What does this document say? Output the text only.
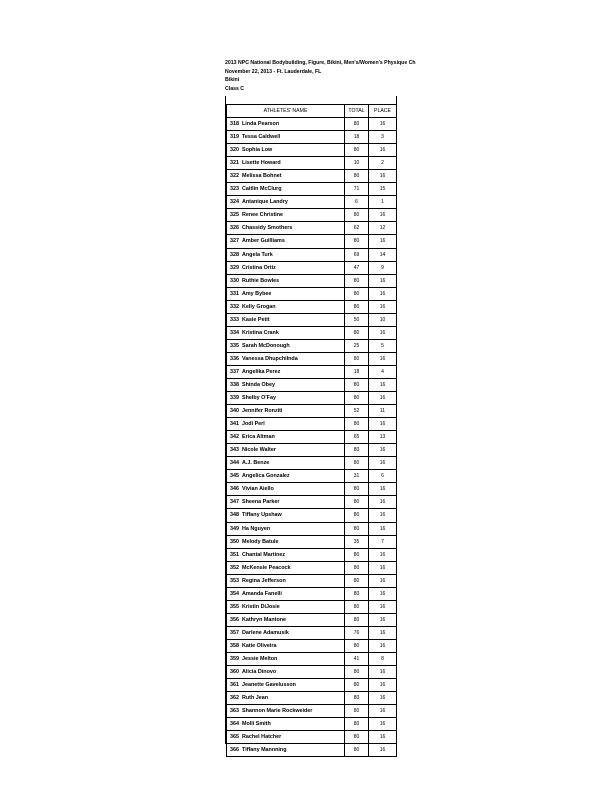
2013 NPC National Bodybuilding, Figure, Bikini, Men's/Women's Physique Ch
November 22, 2013 - Ft. Lauderdale, FL
Bikini
Class C
ATHLETES' NAME	TOTAL	PLACE
318 Linda Pearson	80	16
319 Tessa Caldwell	18	3
320 Sophia Low	80	16
321 Lisette Howard	10	2
322 Melissa Bohnet	80	16
323 Caitlin McClurg	71	15
324 Antanique Landry	6	1
325 Renee Christine	80	16
326 Chassidy Smothers	62	12
327 Amber Guilliams	80	16
328 Angela Turk	69	14
329 Cristina Ortiz	47	9
330 Ruthie Bowles	80	16
331 Amy Bybee	80	16
332 Kelly Grogan	80	16
333 Kasie Petit	50	10
334 Kristina Crank	80	16
335 Sarah McDonough	25	5
336 Vanessa Dhupchilnda	80	16
337 Angelika Perez	18	4
338 Shinda Obey	80	16
339 Shelby O'Fay	80	16
340 Jennifer Ronziti	52	11
341 Jodi Perl	80	16
342 Erica Altman	65	13
343 Nicole Walter	80	16
344 A.J. Benze	80	16
345 Angelica Gonzalez	31	6
346 Vivian Aiello	80	16
347 Sheena Parker	80	16
348 Tiffany Upshaw	80	16
349 Ha Nguyen	80	16
350 Melody Batule	35	7
351 Chantal Martinez	80	16
352 McKensie Peacock	80	16
353 Regina Jefferson	80	16
354 Amanda Fanelli	80	16
355 Kristin DiJosie	80	16
356 Kathryn Mantone	80	16
357 Darlene Adamusik	76	16
358 Katie Oliveira	80	16
359 Jessie Melton	41	8
360 Alicia Dinovo	80	16
361 Jeanette Gavelusson	80	16
362 Ruth Jean	80	16
363 Shannon Marie Rockweider	80	16
364 Molli Smith	80	16
365 Rachel Hatcher	80	16
366 Tiffany Mannning	80	16
